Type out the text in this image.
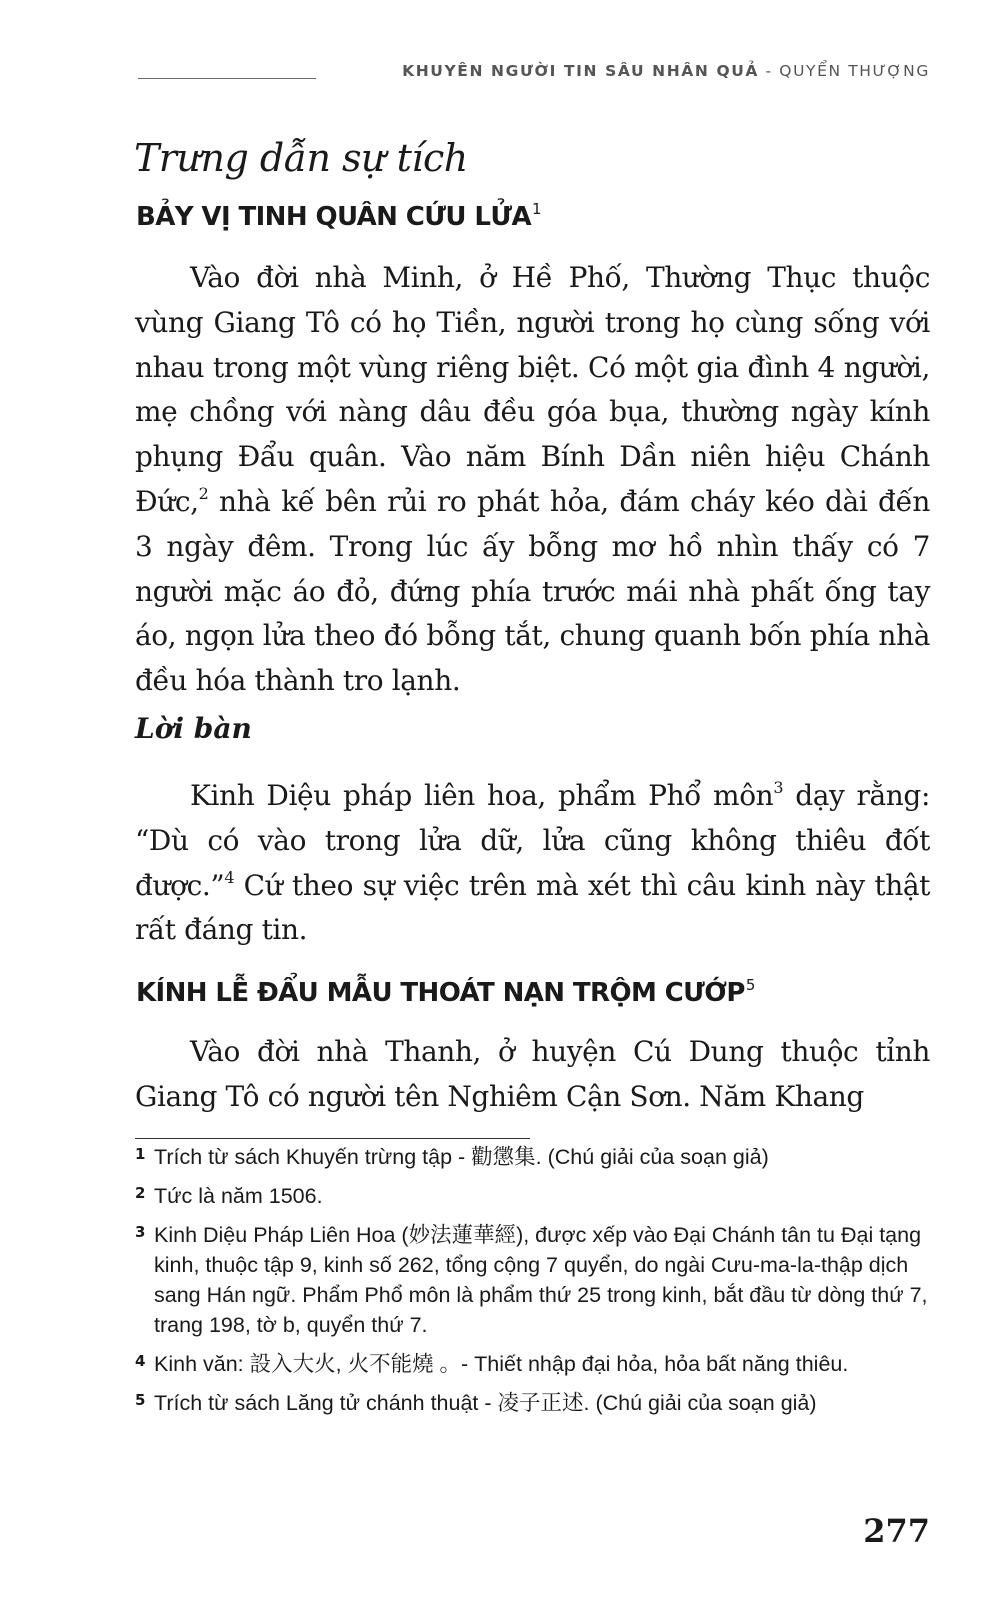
KHUYÊN NGƯỜI TIN SÂU NHÂN QUẢ - QUYỂN THƯỢNG
Trưng dẫn sự tích
BẢY VỊ TINH QUÂN CỨU LỬA$^1$

Vào đời nhà Minh, ở Hề Phố, Thường Thục thuộc vùng Giang Tô có họ Tiền, người trong họ cùng sống với nhau trong một vùng riêng biệt. Có một gia đình 4 người, mẹ chồng với nàng dâu đều góa bụa, thường ngày kính phụng Đẩu quân. Vào năm Bính Dần niên hiệu Chánh Đức,$^2$ nhà kế bên rủi ro phát hỏa, đám cháy kéo dài đến 3 ngày đêm. Trong lúc ấy bỗng mơ hồ nhìn thấy có 7 người mặc áo đỏ, đứng phía trước mái nhà phất ống tay áo, ngọn lửa theo đó bỗng tắt, chung quanh bốn phía nhà đều hóa thành tro lạnh.

Lời bàn

Kinh Diệu pháp liên hoa, phẩm Phổ môn$^3$ dạy rằng: “Dù có vào trong lửa dữ, lửa cũng không thiêu đốt được.”$^4$ Cứ theo sự việc trên mà xét thì câu kinh này thật rất đáng tin.

KÍNH LỄ ĐẨU MẪU THOÁT NẠN TRỘM CƯỚP$^5$

Vào đời nhà Thanh, ở huyện Cú Dung thuộc tỉnh Giang Tô có người tên Nghiêm Cận Sơn. Năm Khang

1 Trích từ sách Khuyến trừng tập - 勸懲集. (Chú giải của soạn giả)
2 Tức là năm 1506.
3 Kinh Diệu Pháp Liên Hoa (妙法蓮華經), được xếp vào Đại Chánh tân tu Đại tạng kinh, thuộc tập 9, kinh số 262, tổng cộng 7 quyển, do ngài Cưu-ma-la-thập dịch sang Hán ngữ. Phẩm Phổ môn là phẩm thứ 25 trong kinh, bắt đầu từ dòng thứ 7, trang 198, tờ b, quyển thứ 7.
4 Kinh văn: 設入大火, 火不能燒 。- Thiết nhập đại hỏa, hỏa bất năng thiêu.
5 Trích từ sách Lăng tử chánh thuật - 凌子正述. (Chú giải của soạn giả)
277
